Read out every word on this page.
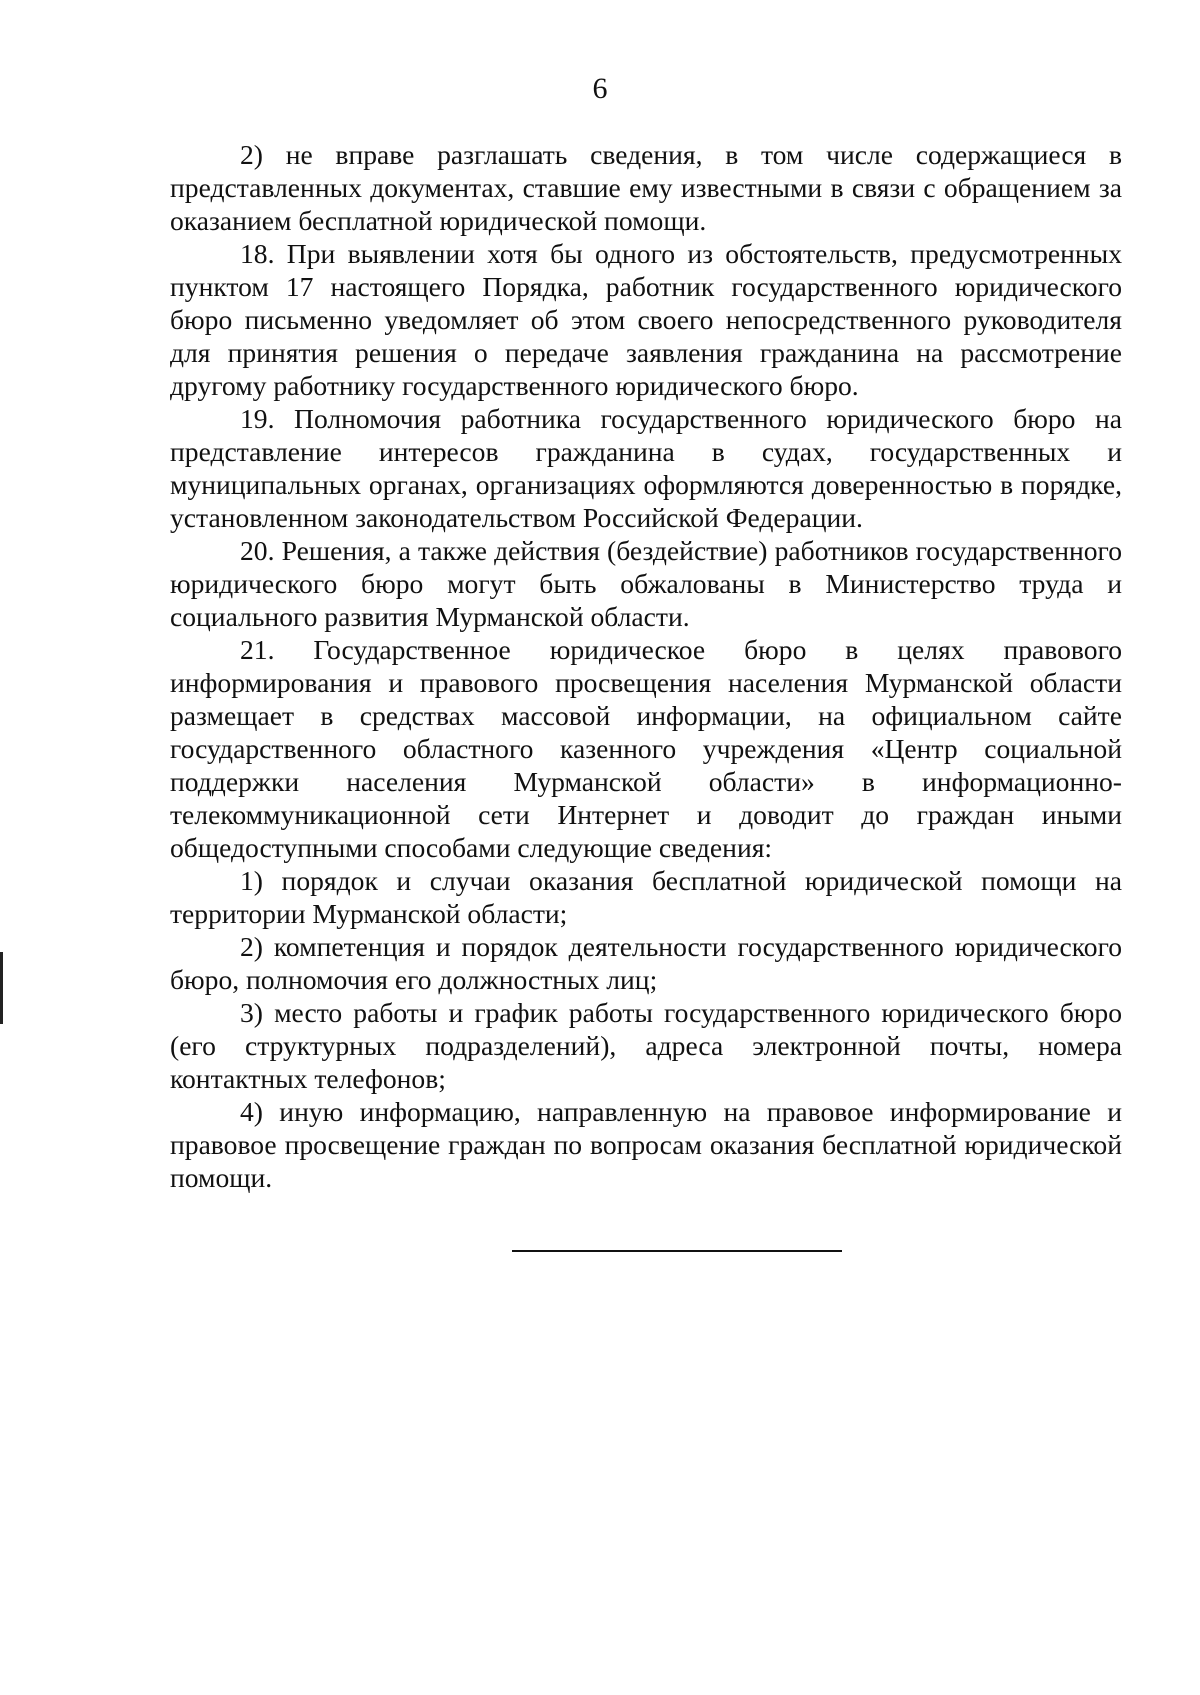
6

2) не вправе разглашать сведения, в том числе содержащиеся в представленных документах, ставшие ему известными в связи с обращением за оказанием бесплатной юридической помощи.

18. При выявлении хотя бы одного из обстоятельств, предусмотренных пунктом 17 настоящего Порядка, работник государственного юридического бюро письменно уведомляет об этом своего непосредственного руководителя для принятия решения о передаче заявления гражданина на рассмотрение другому работнику государственного юридического бюро.

19. Полномочия работника государственного юридического бюро на представление интересов гражданина в судах, государственных и муниципальных органах, организациях оформляются доверенностью в порядке, установленном законодательством Российской Федерации.

20. Решения, а также действия (бездействие) работников государственного юридического бюро могут быть обжалованы в Министерство труда и социального развития Мурманской области.

21. Государственное юридическое бюро в целях правового информирования и правового просвещения населения Мурманской области размещает в средствах массовой информации, на официальном сайте государственного областного казенного учреждения «Центр социальной поддержки населения Мурманской области» в информационно-телекоммуникационной сети Интернет и доводит до граждан иными общедоступными способами следующие сведения:

1) порядок и случаи оказания бесплатной юридической помощи на территории Мурманской области;

2) компетенция и порядок деятельности государственного юридического бюро, полномочия его должностных лиц;

3) место работы и график работы государственного юридического бюро (его структурных подразделений), адреса электронной почты, номера контактных телефонов;

4) иную информацию, направленную на правовое информирование и правовое просвещение граждан по вопросам оказания бесплатной юридической помощи.
